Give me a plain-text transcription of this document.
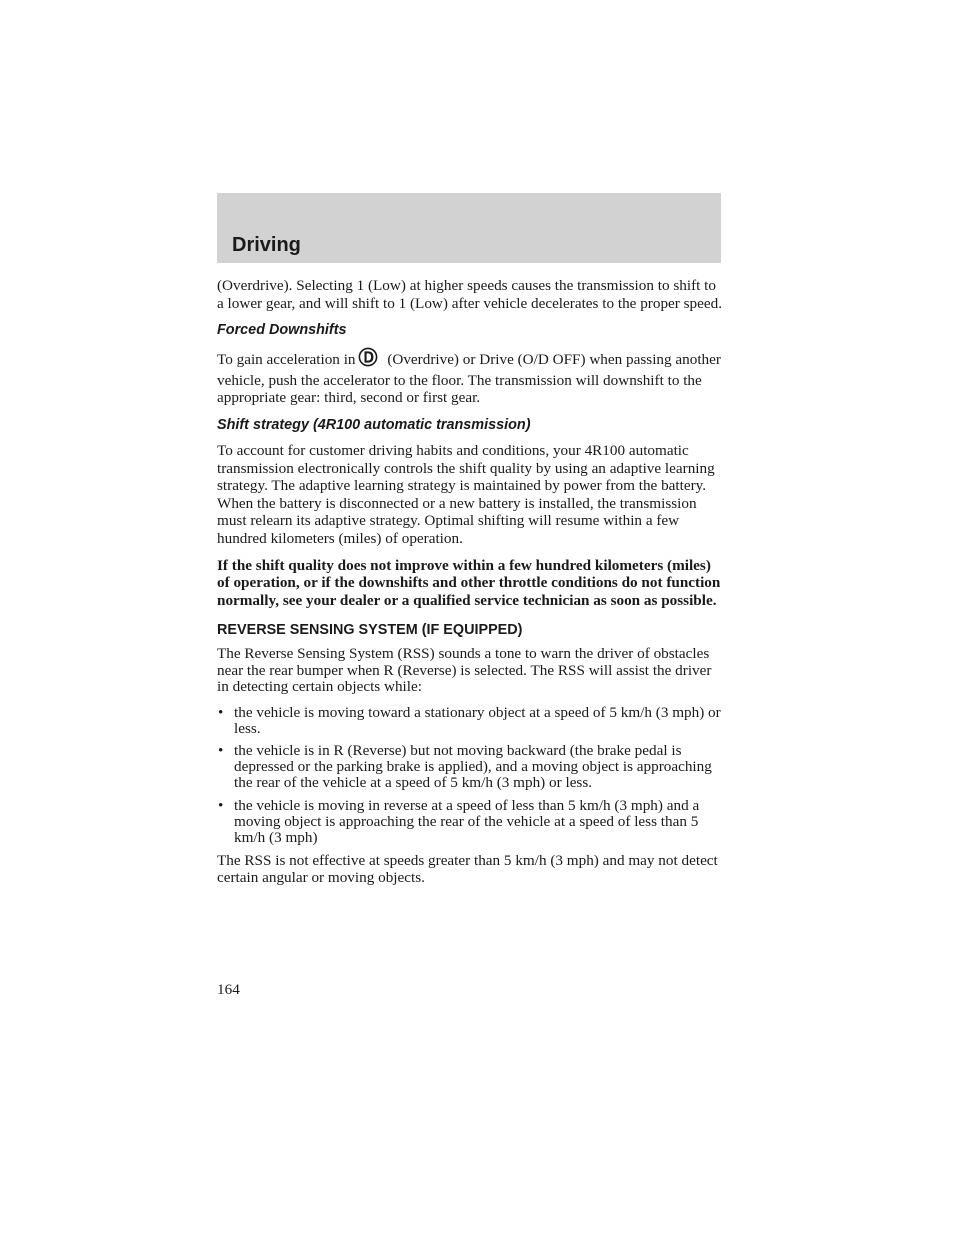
Driving

(Overdrive). Selecting 1 (Low) at higher speeds causes the transmission to shift to a lower gear, and will shift to 1 (Low) after vehicle decelerates to the proper speed.

Forced Downshifts

To gain acceleration in (Overdrive) or Drive (O/D OFF) when passing another vehicle, push the accelerator to the floor. The transmission will downshift to the appropriate gear: third, second or first gear.

Shift strategy (4R100 automatic transmission)

To account for customer driving habits and conditions, your 4R100 automatic transmission electronically controls the shift quality by using an adaptive learning strategy. The adaptive learning strategy is maintained by power from the battery. When the battery is disconnected or a new battery is installed, the transmission must relearn its adaptive strategy. Optimal shifting will resume within a few hundred kilometers (miles) of operation.

If the shift quality does not improve within a few hundred kilometers (miles) of operation, or if the downshifts and other throttle conditions do not function normally, see your dealer or a qualified service technician as soon as possible.

REVERSE SENSING SYSTEM (IF EQUIPPED)

The Reverse Sensing System (RSS) sounds a tone to warn the driver of obstacles near the rear bumper when R (Reverse) is selected. The RSS will assist the driver in detecting certain objects while:

• the vehicle is moving toward a stationary object at a speed of 5 km/h (3 mph) or less.
• the vehicle is in R (Reverse) but not moving backward (the brake pedal is depressed or the parking brake is applied), and a moving object is approaching the rear of the vehicle at a speed of 5 km/h (3 mph) or less.
• the vehicle is moving in reverse at a speed of less than 5 km/h (3 mph) and a moving object is approaching the rear of the vehicle at a speed of less than 5 km/h (3 mph)

The RSS is not effective at speeds greater than 5 km/h (3 mph) and may not detect certain angular or moving objects.

164
